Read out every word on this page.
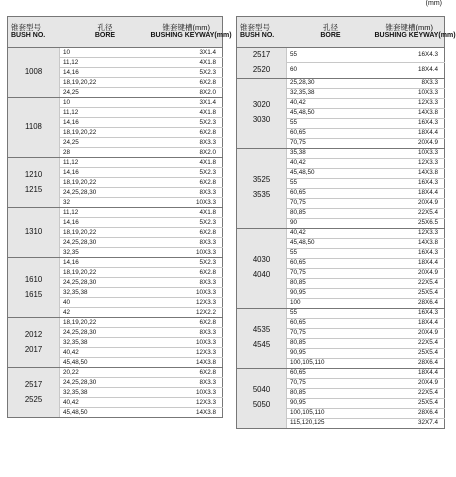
(mm)
锥套型号
BUSH NO.	孔径
BORE	锥套键槽(mm)
BUSHING KEYWAY(mm)

1008	10	3X1.4
	11,12	4X1.8
	14,16	5X2.3
	18,19,20,22	6X2.8
	24,25	8X2.0

1108	10	3X1.4
	11,12	4X1.8
	14,16	5X2.3
	18,19,20,22	6X2.8
	24,25	8X3.3
	28	8X2.0

1210
1215	11,12	4X1.8
	14,16	5X2.3
	18,19,20,22	6X2.8
	24,25,28,30	8X3.3
	32	10X3.3

1310	11,12	4X1.8
	14,16	5X2.3
	18,19,20,22	6X2.8
	24,25,28,30	8X3.3
	32,35	10X3.3

1610
1615	14,16	5X2.3
	18,19,20,22	6X2.8
	24,25,28,30	8X3.3
	32,35,38	10X3.3
	40	12X3.3
	42	12X2.2

2012
2017	18,19,20,22	6X2.8
	24,25,28,30	8X3.3
	32,35,38	10X3.3
	40,42	12X3.3
	45,48,50	14X3.8

2517
2525	20,22	6X2.8
	24,25,28,30	8X3.3
	32,35,38	10X3.3
	40,42	12X3.3
	45,48,50	14X3.8
锥套型号
BUSH NO.	孔径
BORE	锥套键槽(mm)
BUSHING KEYWAY(mm)

2517
2520	55	16X4.3
	60	18X4.4

3020
3030	25,28,30	8X3.3
	32,35,38	10X3.3
	40,42	12X3.3
	45,48,50	14X3.8
	55	16X4.3
	60,65	18X4.4
	70,75	20X4.9

3525
3535	35,38	10X3.3
	40,42	12X3.3
	45,48,50	14X3.8
	55	16X4.3
	60,65	18X4.4
	70,75	20X4.9
	80,85	22X5.4
	90	25X6.5

4030
4040	40,42	12X3.3
	45,48,50	14X3.8
	55	16X4.3
	60,65	18X4.4
	70,75	20X4.9
	80,85	22X5.4
	90,95	25X5.4
	100	28X6.4

4535
4545	55	16X4.3
	60,65	18X4.4
	70,75	20X4.9
	80,85	22X5.4
	90,95	25X5.4
	100,105,110	28X6.4

5040
5050	60,65	18X4.4
	70,75	20X4.9
	80,85	22X5.4
	90,95	25X5.4
	100,105,110	28X6.4
	115,120,125	32X7.4
